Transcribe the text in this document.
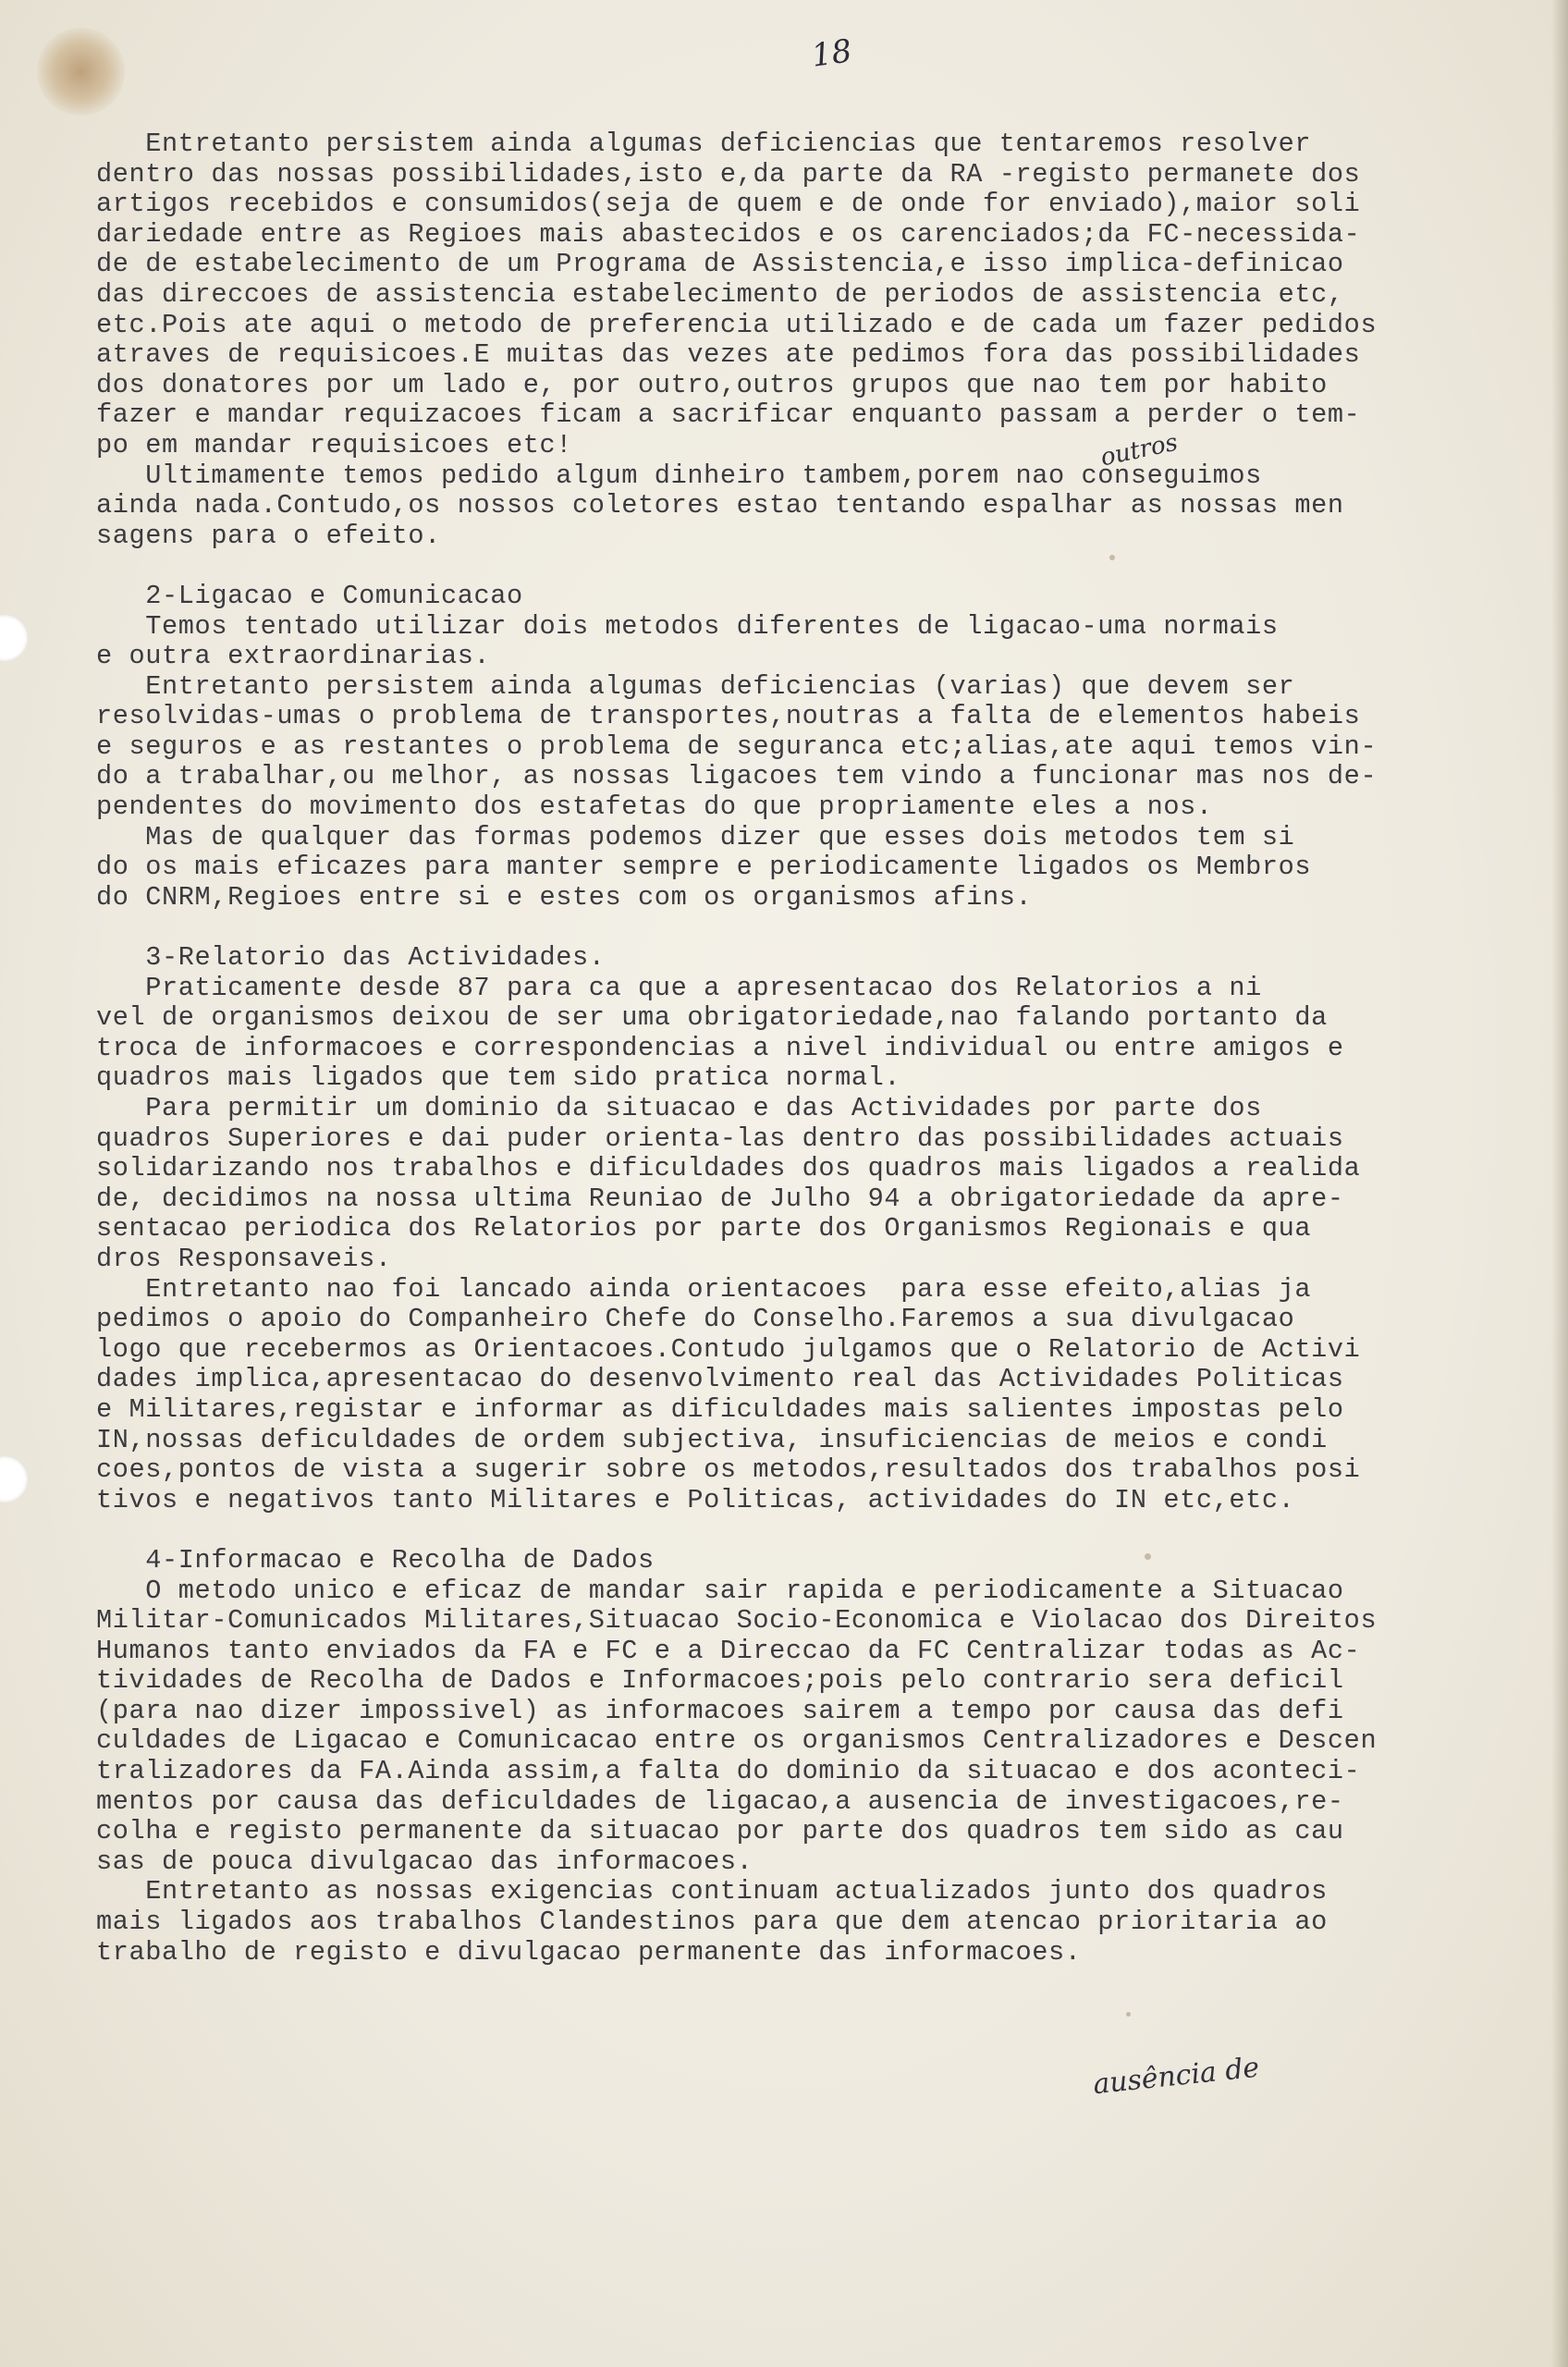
18
Entretanto persistem ainda algumas deficiencias que tentaremos resolver
dentro das nossas possibilidades,isto e,da parte da RA -registo permanete dos
artigos recebidos e consumidos(seja de quem e de onde for enviado),maior soli
dariedade entre as Regioes mais abastecidos e os carenciados;da FC-necessida-
de de estabelecimento de um Programa de Assistencia,e isso implica-definicao
das direccoes de assistencia estabelecimento de periodos de assistencia etc,
etc.Pois ate aqui o metodo de preferencia utilizado e de cada um fazer pedidos
atraves de requisicoes.E muitas das vezes ate pedimos fora das possibilidades
dos donatores por um lado e, por outro,outros grupos que nao tem por habito
fazer e mandar requizacoes ficam a sacrificar enquanto passam a perder o tem-
po em mandar requisicoes etc!
Ultimamente temos pedido algum dinheiro tambem,porem nao conseguimos
ainda nada.Contudo,os nossos coletores estao tentando espalhar as nossas men
sagens para o efeito.
2-Ligacao e Comunicacao
Temos tentado utilizar dois metodos diferentes de ligacao-uma normais
e outra extraordinarias.
Entretanto persistem ainda algumas deficiencias (varias) que devem ser
resolvidas-umas o problema de transportes,noutras a falta de elementos habeis
e seguros e as restantes o problema de seguranca etc;alias,ate aqui temos vin-
do a trabalhar,ou melhor, as nossas ligacoes tem vindo a funcionar mas nos de-
pendentes do movimento dos estafetas do que propriamente eles a nos.
Mas de qualquer das formas podemos dizer que esses dois metodos tem si
do os mais eficazes para manter sempre e periodicamente ligados os Membros
do CNRM,Regioes entre si e estes com os organismos afins.
3-Relatorio das Actividades.
Praticamente desde 87 para ca que a apresentacao dos Relatorios a ni
vel de organismos deixou de ser uma obrigatoriedade,nao falando portanto da
troca de informacoes e correspondencias a nivel individual ou entre amigos e
quadros mais ligados que tem sido pratica normal.
Para permitir um dominio da situacao e das Actividades por parte dos
quadros Superiores e dai puder orienta-las dentro das possibilidades actuais
solidarizando nos trabalhos e dificuldades dos quadros mais ligados a realida
de, decidimos na nossa ultima Reuniao de Julho 94 a obrigatoriedade da apre-
sentacao periodica dos Relatorios por parte dos Organismos Regionais e qua
dros Responsaveis.
Entretanto nao foi lancado ainda orientacoes  para esse efeito,alias ja
pedimos o apoio do Companheiro Chefe do Conselho.Faremos a sua divulgacao
logo que recebermos as Orientacoes.Contudo julgamos que o Relatorio de Activi
dades implica,apresentacao do desenvolvimento real das Actividades Politicas
e Militares,registar e informar as dificuldades mais salientes impostas pelo
IN,nossas deficuldades de ordem subjectiva, insuficiencias de meios e condi
coes,pontos de vista a sugerir sobre os metodos,resultados dos trabalhos posi
tivos e negativos tanto Militares e Politicas, actividades do IN etc,etc.
4-Informacao e Recolha de Dados
O metodo unico e eficaz de mandar sair rapida e periodicamente a Situacao
Militar-Comunicados Militares,Situacao Socio-Economica e Violacao dos Direitos
Humanos tanto enviados da FA e FC e a Direccao da FC Centralizar todas as Ac-
tividades de Recolha de Dados e Informacoes;pois pelo contrario sera deficil
(para nao dizer impossivel) as informacoes sairem a tempo por causa das defi
culdades de Ligacao e Comunicacao entre os organismos Centralizadores e Descen
tralizadores da FA.Ainda assim,a falta do dominio da situacao e dos aconteci-
mentos por causa das deficuldades de ligacao,a ausencia de investigacoes,re-
colha e registo permanente da situacao por parte dos quadros tem sido as cau
sas de pouca divulgacao das informacoes.
Entretanto as nossas exigencias continuam actualizados junto dos quadros
mais ligados aos trabalhos Clandestinos para que dem atencao prioritaria ao
trabalho de registo e divulgacao permanente das informacoes.
outros
ausência de
